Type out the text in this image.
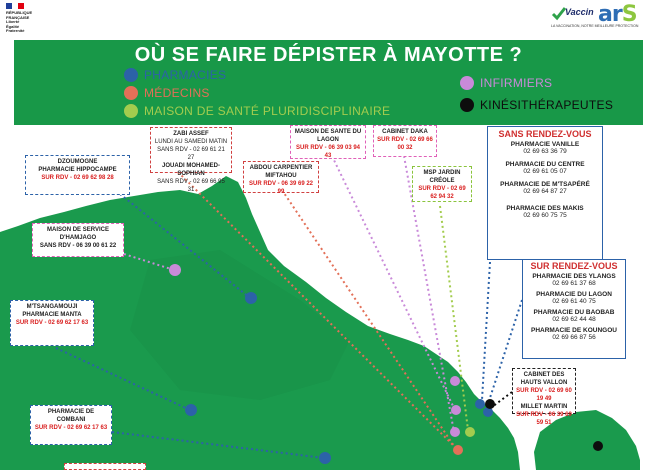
RÉPUBLIQUE
FRANÇAISE
Liberté
Égalité
Fraternité
Vaccin
LA VACCINATION, NOTRE MEILLEURE PROTECTION
arS
OÙ SE FAIRE DÉPISTER À MAYOTTE ?
PHARMACIES
MÉDECINS
MAISON DE SANTÉ PLURIDISCIPLINAIRE
INFIRMIERS
KINÉSITHÉRAPEUTES
ZABI ASSEF
LUNDI AU SAMEDI MATIN
SANS RDV - 02 69 61 21 27
JOUADI MOHAMED-SOPHIAN
SANS RDV - 02 69 66 95 31
MAISON DE SANTE DU LAGON
SUR RDV - 06 39 03 94 43
CABINET DAKA
SUR RDV - 02 69 66 00 32
DZOUMOGNE
PHARMACIE HIPPOCAMPE
SUR RDV - 02 69 62 98 28
ABDOU CARPENTIER MIFTAHOU
SUR RDV - 06 39 69 22 99
MSP JARDIN CRÉOLE
SUR RDV - 02 69 62 94 32
MAISON DE SERVICE D'HAMJAGO
SANS RDV - 06 39 00 61 22
M'TSANGAMOUJI
PHARMACIE MANTA
SUR RDV - 02 69 62 17 63
PHARMACIE DE COMBANI
SUR RDV - 02 69 62 17 63
CABINET DES HAUTS VALLON
SUR RDV - 02 69 60 19 49
MILLET MARTIN
SUR RDV - 06 39 69 59 51
SANS RENDEZ-VOUS
PHARMACIE VANILLE
02 69 63 36 79
PHARMACIE DU CENTRE
02 69 61 05 07
PHARMACIE DE M'TSAPÉRÉ
02 69 64 87 27
PHARMACIE DES MAKIS
02 69 60 75 75
SUR RENDEZ-VOUS
PHARMACIE DES YLANGS
02 69 61 37 68
PHARMACIE DU LAGON
02 69 61 40 75
PHARMACIE DU BAOBAB
02 69 62 44 48
PHARMACIE DE KOUNGOU
02 69 66 87 56
